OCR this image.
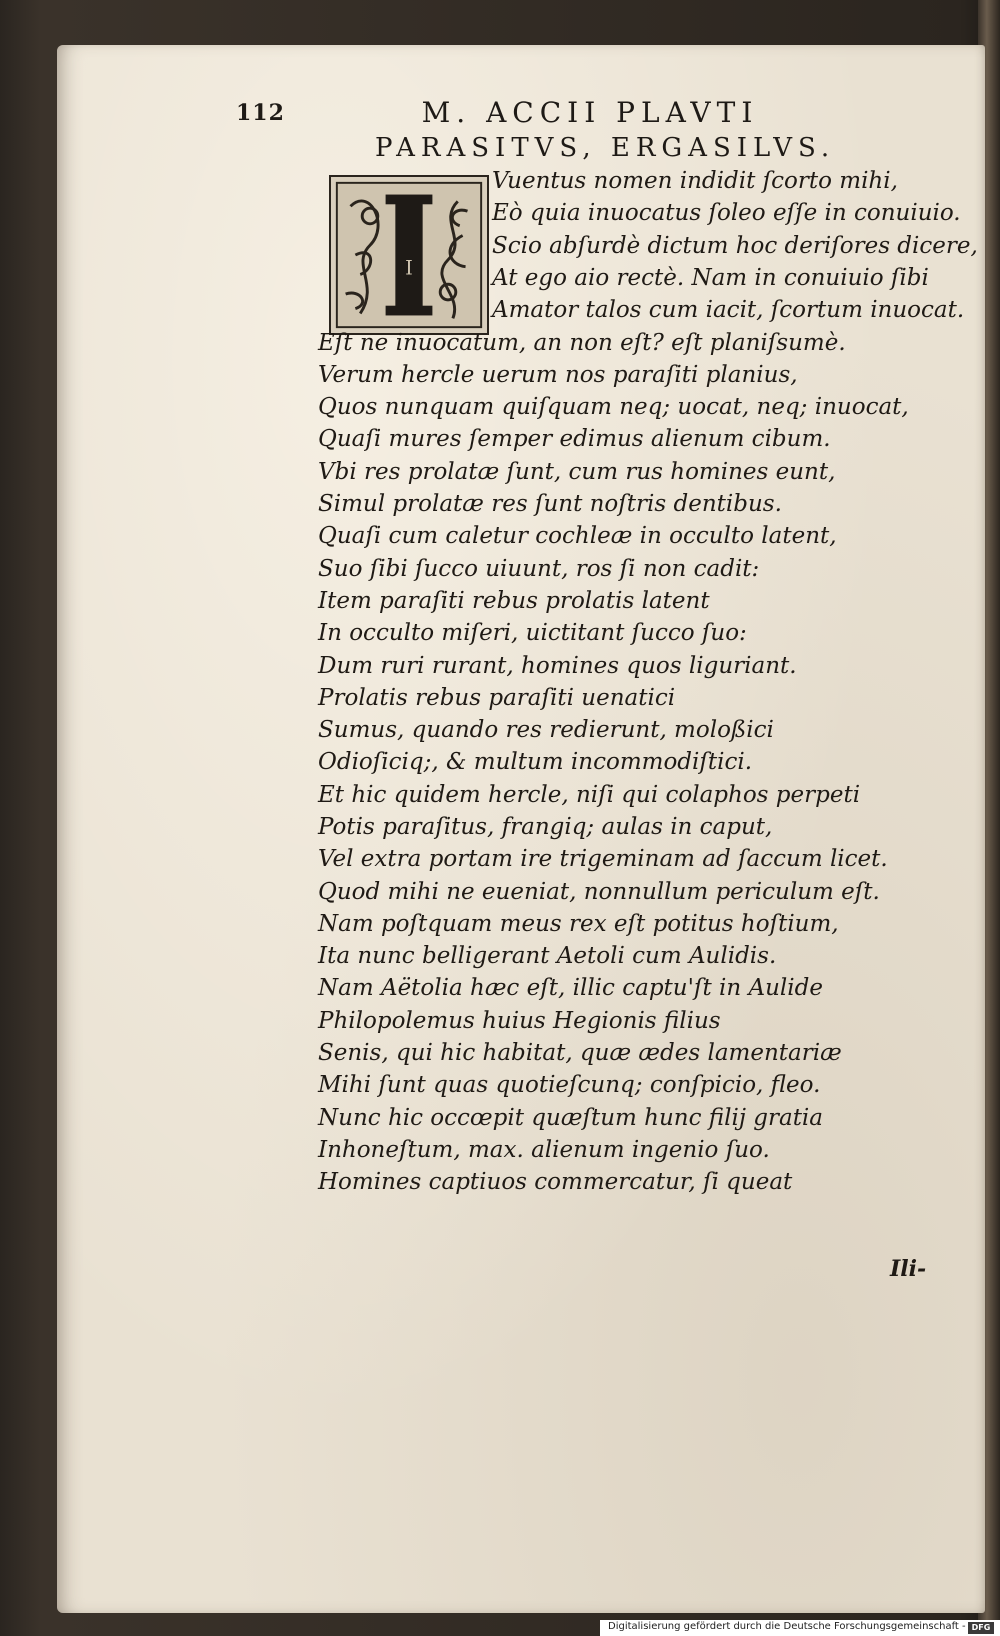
112	M. ACCII PLAVTI
PARASITVS, ERGASILVS.
I
Vuentus nomen indidit ſcorto mihi,
Eò quia inuocatus ſoleo eſſe in conuiuio.
Scio abſurdè dictum hoc deriſores dicere,
At ego aio rectè. Nam in conuiuio ſibi
Amator talos cum iacit, ſcortum inuocat.
Eſt ne inuocatum, an non eſt? eſt planiſsumè.
Verum hercle uerum nos paraſiti planius,
Quos nunquam quiſquam neq; uocat, neq; inuocat,
Quaſi mures ſemper edimus alienum cibum.
Vbi res prolatæ ſunt, cum rus homines eunt,
Simul prolatæ res ſunt noſtris dentibus.
Quaſi cum caletur cochleæ in occulto latent,
Suo ſibi ſucco uiuunt, ros ſi non cadit:
Item paraſiti rebus prolatis latent
In occulto miſeri, uictitant ſucco ſuo:
Dum ruri rurant, homines quos liguriant.
Prolatis rebus paraſiti uenatici
Sumus, quando res redierunt, moloßici
Odioſiciq;, & multum incommodiſtici.
Et hic quidem hercle, niſi qui colaphos perpeti
Potis paraſitus, frangiq; aulas in caput,
Vel extra portam ire trigeminam ad ſaccum licet.
Quod mihi ne eueniat, nonnullum periculum eſt.
Nam poſtquam meus rex eſt potitus hoſtium,
Ita nunc belligerant Aetoli cum Aulidis.
Nam Aëtolia hæc eſt, illic captu'ſt in Aulide
Philopolemus huius Hegionis filius
Senis, qui hic habitat, quæ ædes lamentariæ
Mihi ſunt quas quotieſcunq; conſpicio, fleo.
Nunc hic occœpit quæſtum hunc filij gratia
Inhoneſtum, max. alienum ingenio ſuo.
Homines captiuos commercatur, ſi queat
Ili-
Digitalisierung gefördert durch die Deutsche Forschungsgemeinschaft - DFG
